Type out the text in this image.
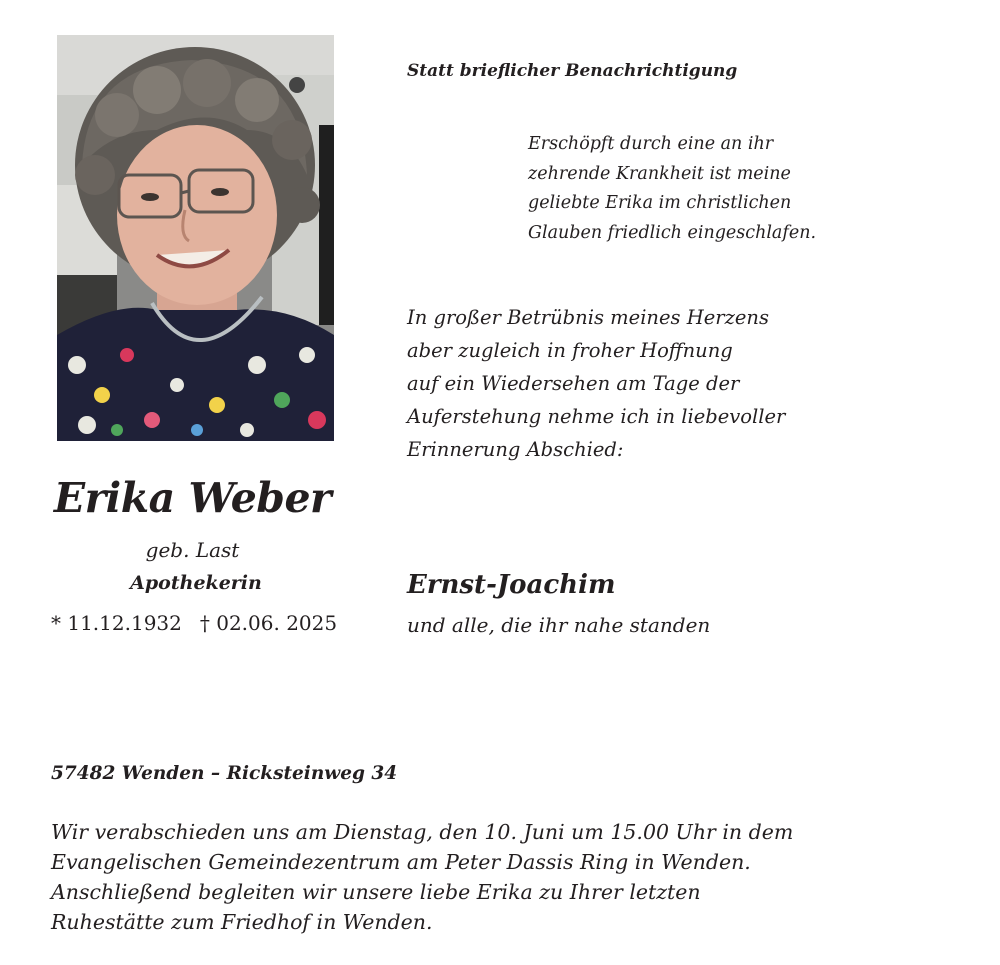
Statt brieflicher Benachrichtigung
Erschöpft durch eine an ihr
zehrende Krankheit ist meine
geliebte Erika im christlichen
Glauben friedlich eingeschlafen.
In großer Betrübnis meines Herzens
aber zugleich in froher Hoffnung
auf ein Wiedersehen am Tage der
Auferstehung nehme ich in liebevoller
Erinnerung Abschied:
Erika Weber
geb. Last
Apothekerin
* 11.12.1932 † 02.06. 2025
Ernst-Joachim
und alle, die ihr nahe standen
57482 Wenden – Ricksteinweg 34
Wir verabschieden uns am Dienstag, den 10. Juni um 15.00 Uhr in dem
Evangelischen Gemeindezentrum am Peter Dassis Ring in Wenden.
Anschließend begleiten wir unsere liebe Erika zu Ihrer letzten
Ruhestätte zum Friedhof in Wenden.
